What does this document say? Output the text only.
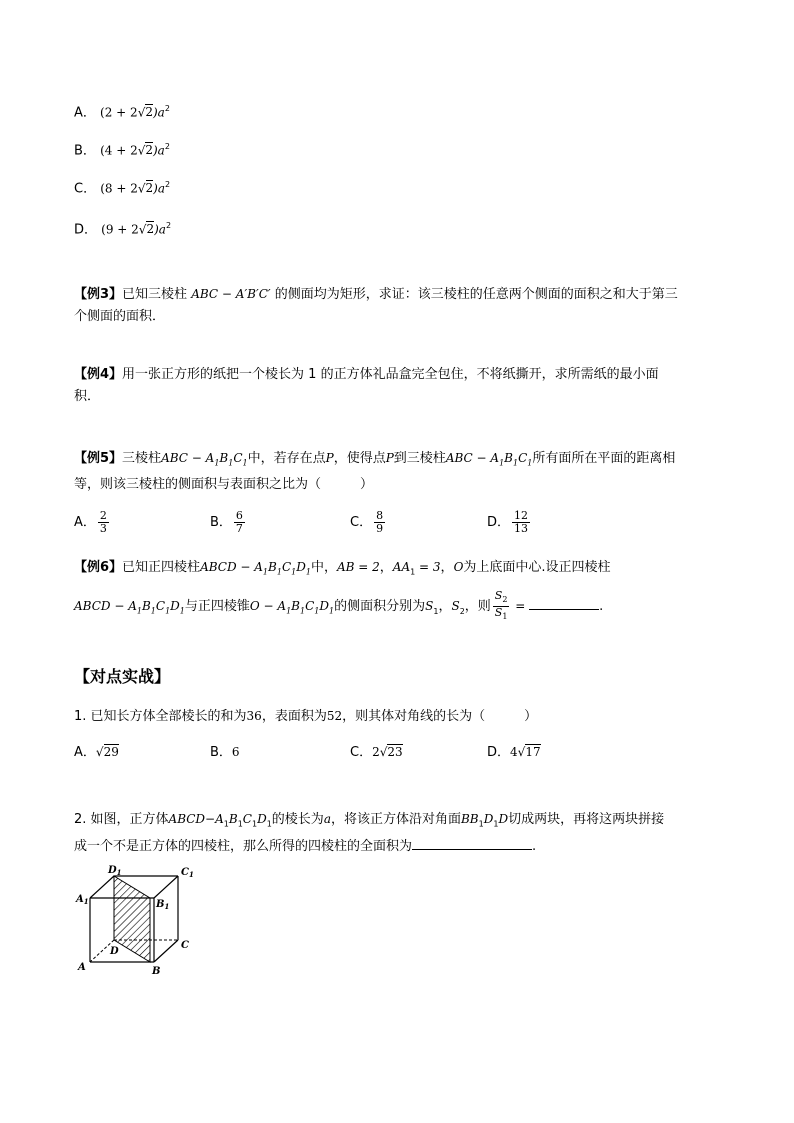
A． $(2 + 2√2)a^2$
B． $(4 + 2√2)a^2$
C． $(8 + 2√2)a^2$
D． $(9 + 2√2)a^2$
【例3】已知三棱柱 ABC − A′B′C′ 的侧面均为矩形，求证：该三棱柱的任意两个侧面的面积之和大于第三
个侧面的面积．
【例4】用一张正方形的纸把一个棱长为 1 的正方体礼品盒完全包住，不将纸撕开，求所需纸的最小面
积．
【例5】三棱柱ABC − $A_1B_1C_1$中，若存在点P，使得点P到三棱柱ABC − $A_1B_1C_1$所有面所在平面的距离相
等，则该三棱柱的侧面积与表面积之比为（　　　）
A． $\frac{2}{3}$	B． $\frac{6}{7}$	C． $\frac{8}{9}$	D． $\frac{12}{13}$
【例6】已知正四棱柱ABCD − $A_1B_1C_1D_1$中，AB = 2，$AA_1 = 3$，O为上底面中心.设正四棱柱
ABCD − $A_1B_1C_1D_1$与正四棱锥$O - A_1B_1C_1D_1$的侧面积分别为$S_1$，$S_2$，则 $\frac{S_2}{S_1}$ =	.
【对点实战】
1. 已知长方体全部棱长的和为36，表面积为52，则其体对角线的长为（　　　）
A．√29	B．6	C．2√23	D．4√17
2. 如图，正方体$ABCD-A_1B_1C_1D_1$的棱长为a，将该正方体沿对角面$BB_1D_1D$切成两块，再将这两块拼接
成一个不是正方体的四棱柱，那么所得的四棱柱的全面积为	.
$D_1$	$C_1$
$A_1$	$B_1$
D
C
A	B
